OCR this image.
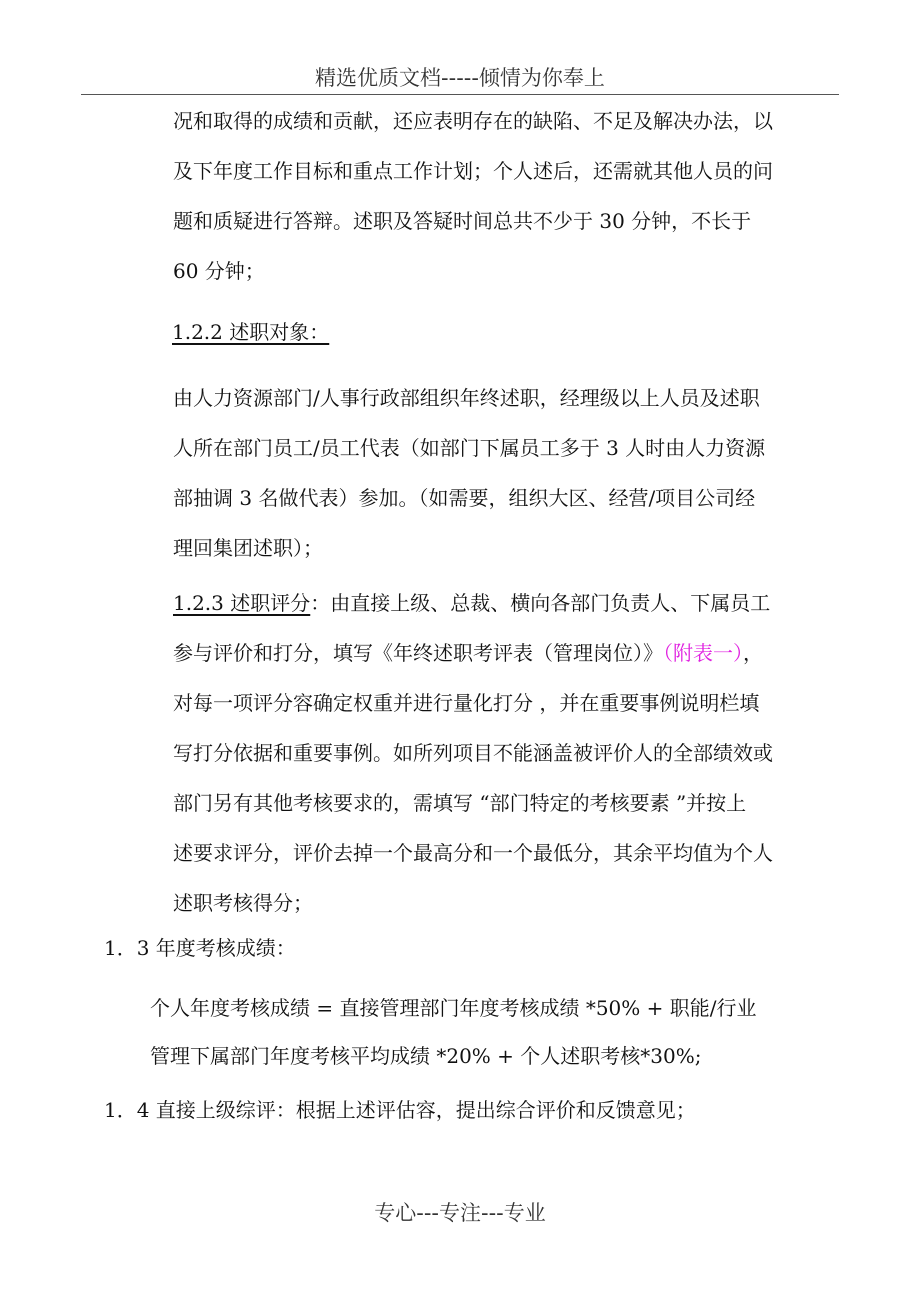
精选优质文档-----倾情为你奉上
况和取得的成绩和贡献，还应表明存在的缺陷、不足及解决办法，以
及下年度工作目标和重点工作计划；个人述后，还需就其他人员的问
题和质疑进行答辩。述职及答疑时间总共不少于 30 分钟，不长于
60 分钟；
1.2.2 述职对象：
由人力资源部门/人事行政部组织年终述职，经理级以上人员及述职
人所在部门员工/员工代表（如部门下属员工多于 3 人时由人力资源
部抽调 3 名做代表）参加。（如需要，组织大区、经营/项目公司经
理回集团述职）；
1.2.3 述职评分：由直接上级、总裁、横向各部门负责人、下属员工
参与评价和打分，填写《年终述职考评表（管理岗位）》（附表一），
对每一项评分容确定权重并进行量化打分 ，并在重要事例说明栏填
写打分依据和重要事例。如所列项目不能涵盖被评价人的全部绩效或
部门另有其他考核要求的，需填写 “部门特定的考核要素 ”并按上
述要求评分，评价去掉一个最高分和一个最低分，其余平均值为个人
述职考核得分；
1．3 年度考核成绩：
个人年度考核成绩 = 直接管理部门年度考核成绩 *50% + 职能/行业
管理下属部门年度考核平均成绩 *20% + 个人述职考核*30%;
1．4 直接上级综评：根据上述评估容，提出综合评价和反馈意见；
专心---专注---专业
